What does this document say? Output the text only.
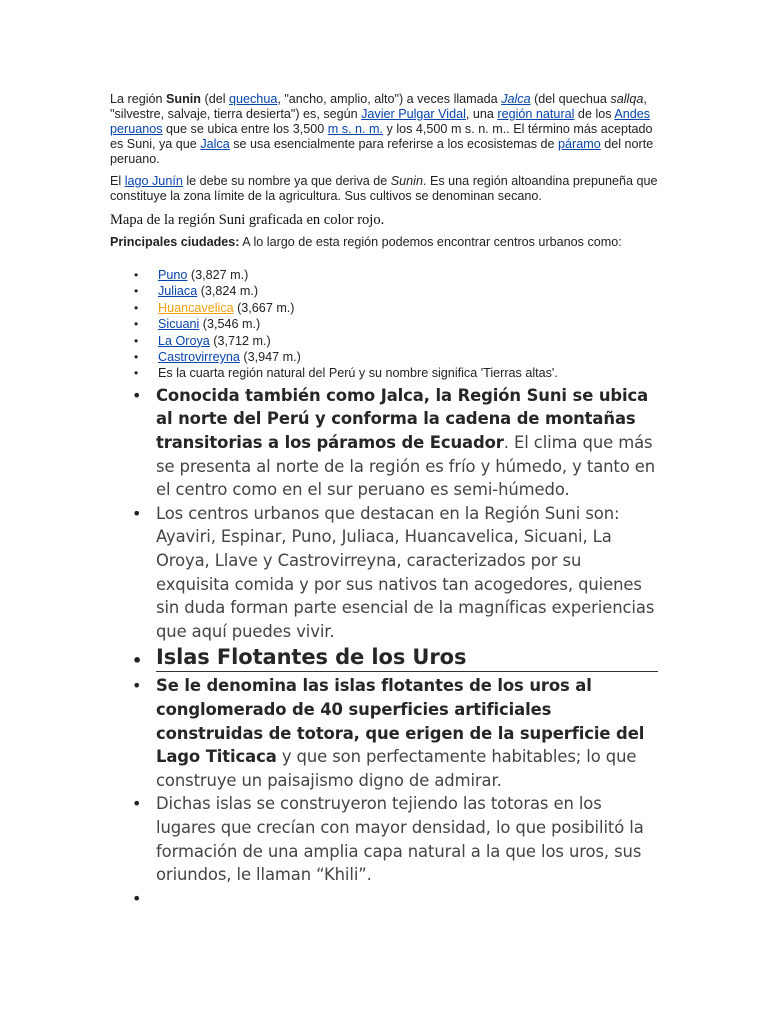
La región Sunin (del quechua, "ancho, amplio, alto") a veces llamada Jalca (del quechua sallqa, "silvestre, salvaje, tierra desierta") es, según Javier Pulgar Vidal, una región natural de los Andes peruanos que se ubica entre los 3,500 m s. n. m. y los 4,500 m s. n. m.. El término más aceptado es Suni, ya que Jalca se usa esencialmente para referirse a los ecosistemas de páramo del norte peruano.

El lago Junín le debe su nombre ya que deriva de Sunin. Es una región altoandina prepuneña que constituye la zona límite de la agricultura. Sus cultivos se denominan secano.

Mapa de la región Suni graficada en color rojo.

Principales ciudades: A lo largo de esta región podemos encontrar centros urbanos como:

• Puno (3,827 m.)
• Juliaca (3,824 m.)
• Huancavelica (3,667 m.)
• Sicuani (3,546 m.)
• La Oroya (3,712 m.)
• Castrovirreyna (3,947 m.)
• Es la cuarta región natural del Perú y su nombre significa 'Tierras altas'.
• Conocida también como Jalca, la Región Suni se ubica al norte del Perú y conforma la cadena de montañas transitorias a los páramos de Ecuador. El clima que más se presenta al norte de la región es frío y húmedo, y tanto en el centro como en el sur peruano es semi-húmedo.
• Los centros urbanos que destacan en la Región Suni son: Ayaviri, Espinar, Puno, Juliaca, Huancavelica, Sicuani, La Oroya, Llave y Castrovirreyna, caracterizados por su exquisita comida y por sus nativos tan acogedores, quienes sin duda forman parte esencial de la magníficas experiencias que aquí puedes vivir.
• Islas Flotantes de los Uros
• Se le denomina las islas flotantes de los uros al conglomerado de 40 superficies artificiales construidas de totora, que erigen de la superficie del Lago Titicaca y que son perfectamente habitables; lo que construye un paisajismo digno de admirar.
• Dichas islas se construyeron tejiendo las totoras en los lugares que crecían con mayor densidad, lo que posibilitó la formación de una amplia capa natural a la que los uros, sus oriundos, le llaman “Khili”.
•
